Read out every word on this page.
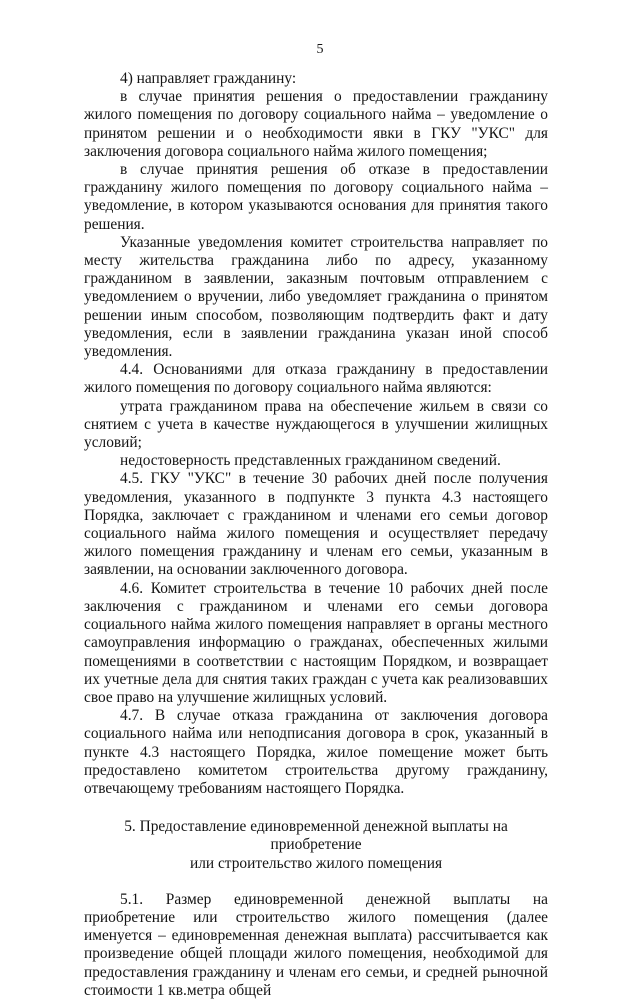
5

4) направляет гражданину:

в случае принятия решения о предоставлении гражданину жилого помещения по договору социального найма – уведомление о принятом решении и о необходимости явки в ГКУ "УКС" для заключения договора социального найма жилого помещения;

в случае принятия решения об отказе в предоставлении гражданину жилого помещения по договору социального найма – уведомление, в котором указываются основания для принятия такого решения.

Указанные уведомления комитет строительства направляет по месту жительства гражданина либо по адресу, указанному гражданином в заявлении, заказным почтовым отправлением с уведомлением о вручении, либо уведомляет гражданина о принятом решении иным способом, позволяющим подтвердить факт и дату уведомления, если в заявлении гражданина указан иной способ уведомления.

4.4. Основаниями для отказа гражданину в предоставлении жилого помещения по договору социального найма являются:

утрата гражданином права на обеспечение жильем в связи со снятием с учета в качестве нуждающегося в улучшении жилищных условий;

недостоверность представленных гражданином сведений.

4.5. ГКУ "УКС" в течение 30 рабочих дней после получения уведомления, указанного в подпункте 3 пункта 4.3 настоящего Порядка, заключает с гражданином и членами его семьи договор социального найма жилого помещения и осуществляет передачу жилого помещения гражданину и членам его семьи, указанным в заявлении, на основании заключенного договора.

4.6. Комитет строительства в течение 10 рабочих дней после заключения с гражданином и членами его семьи договора социального найма жилого помещения направляет в органы местного самоуправления информацию о гражданах, обеспеченных жилыми помещениями в соответствии с настоящим Порядком, и возвращает их учетные дела для снятия таких граждан с учета как реализовавших свое право на улучшение жилищных условий.

4.7. В случае отказа гражданина от заключения договора социального найма или неподписания договора в срок, указанный в пункте 4.3 настоящего Порядка, жилое помещение может быть предоставлено комитетом строительства другому гражданину, отвечающему требованиям настоящего Порядка.

5. Предоставление единовременной денежной выплаты на приобретение
или строительство жилого помещения

5.1. Размер единовременной денежной выплаты на приобретение или строительство жилого помещения (далее именуется – единовременная денежная выплата) рассчитывается как произведение общей площади жилого помещения, необходимой для предоставления гражданину и членам его семьи, и средней рыночной стоимости 1 кв.метра общей
